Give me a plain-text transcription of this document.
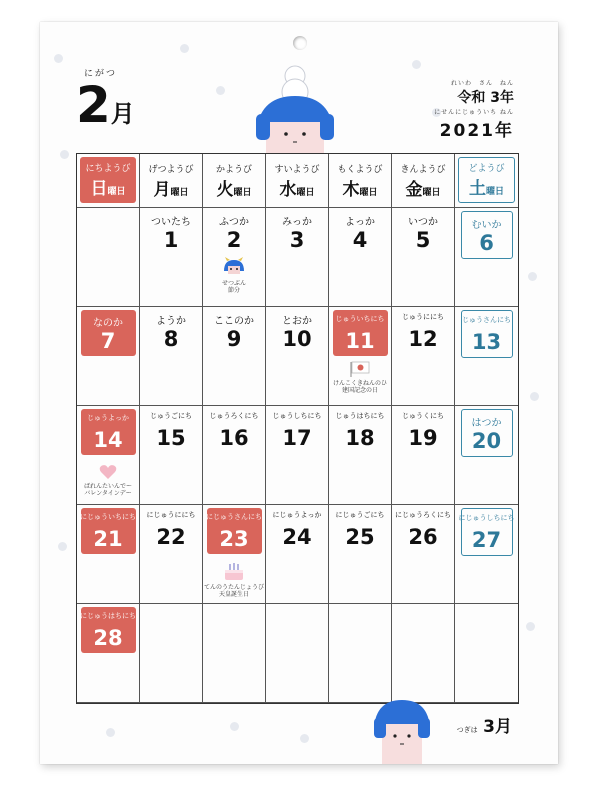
にがつ
2月
れいわ　さん　ねん
令和 3年
にせんにじゅういち ねん
2021年
にちようび
日曜日
げつようび
月曜日
かようび
火曜日
すいようび
水曜日
もくようび
木曜日
きんようび
金曜日
どようび
土曜日
ついたち
1
ふつか
2
せつぶん
節分
みっか
3
よっか
4
いつか
5
むいか
6
なのか
7
ようか
8
ここのか
9
とおか
10
じゅういちにち
11
けんこくきねんのひ
建国記念の日
じゅうににち
12
じゅうさんにち
13
じゅうよっか
14
ばれんたいんでー
バレンタインデー
じゅうごにち
15
じゅうろくにち
16
じゅうしちにち
17
じゅうはちにち
18
じゅうくにち
19
はつか
20
にじゅういちにち
21
にじゅうににち
22
にじゅうさんにち
23
てんのうたんじょうび
天皇誕生日
にじゅうよっか
24
にじゅうごにち
25
にじゅうろくにち
26
にじゅうしちにち
27
にじゅうはちにち
28
つぎは 3月
